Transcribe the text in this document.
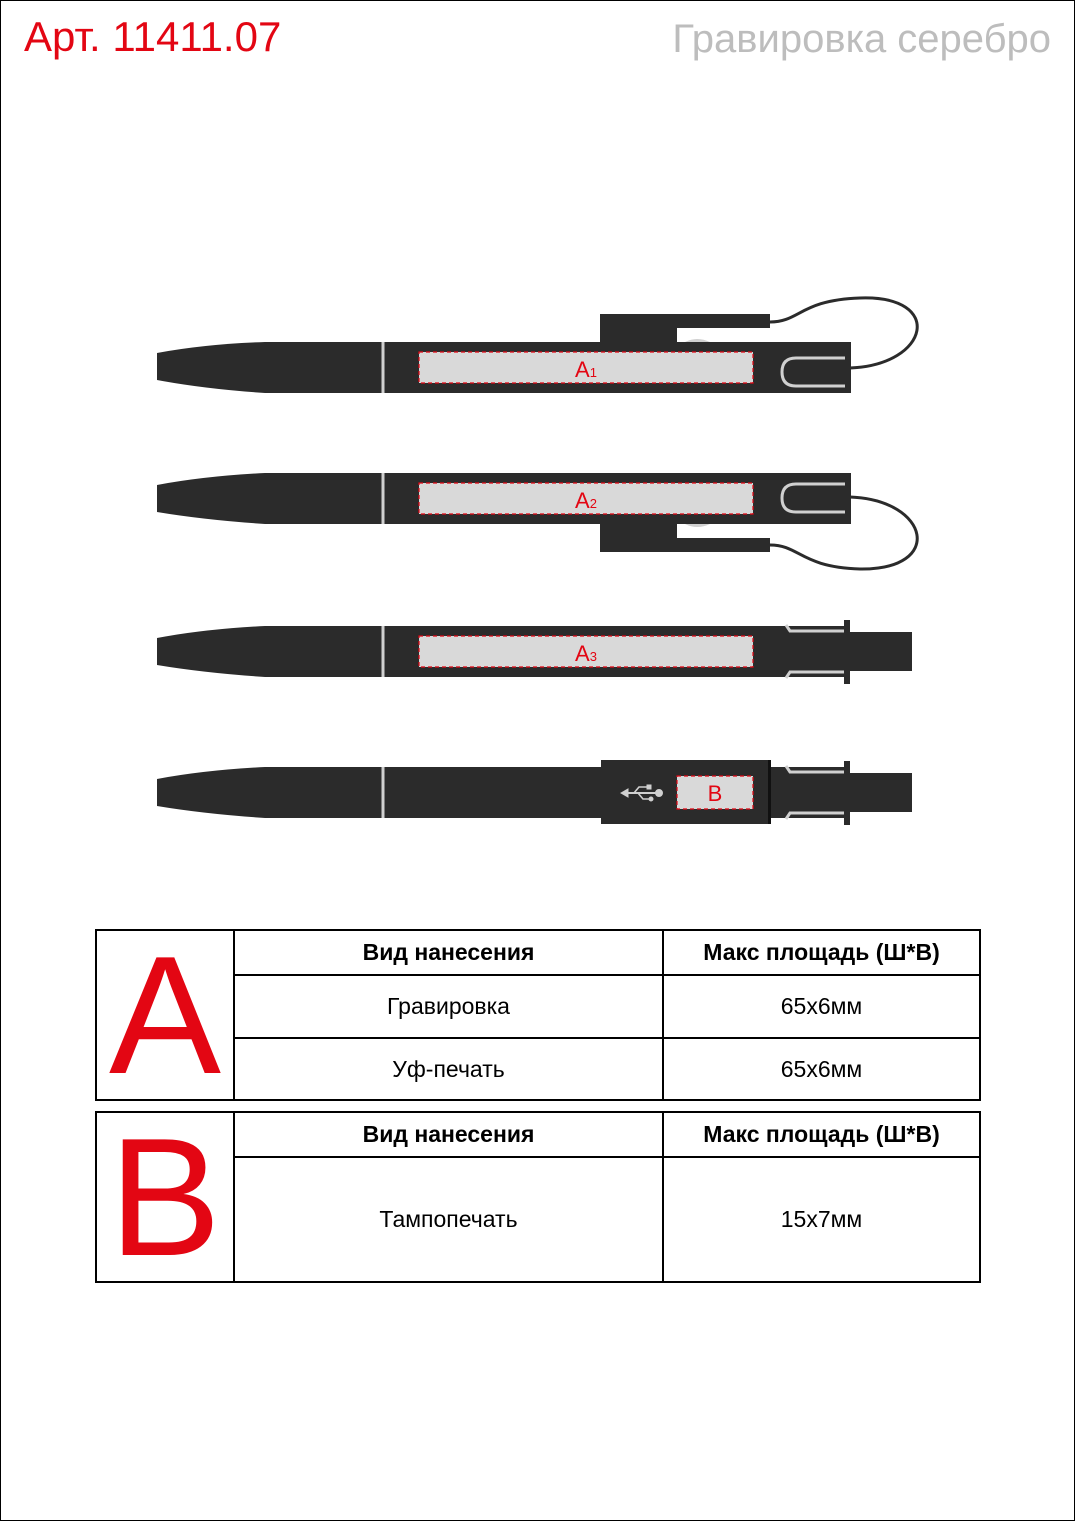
Арт. 11411.07	Гравировка серебро
A1
A2
A3
B
A	Вид нанесения	Макс площадь (Ш*В)
	Гравировка	65х6мм
	Уф-печать	65х6мм
B	Вид нанесения	Макс площадь (Ш*В)
	Тампопечать	15х7мм
